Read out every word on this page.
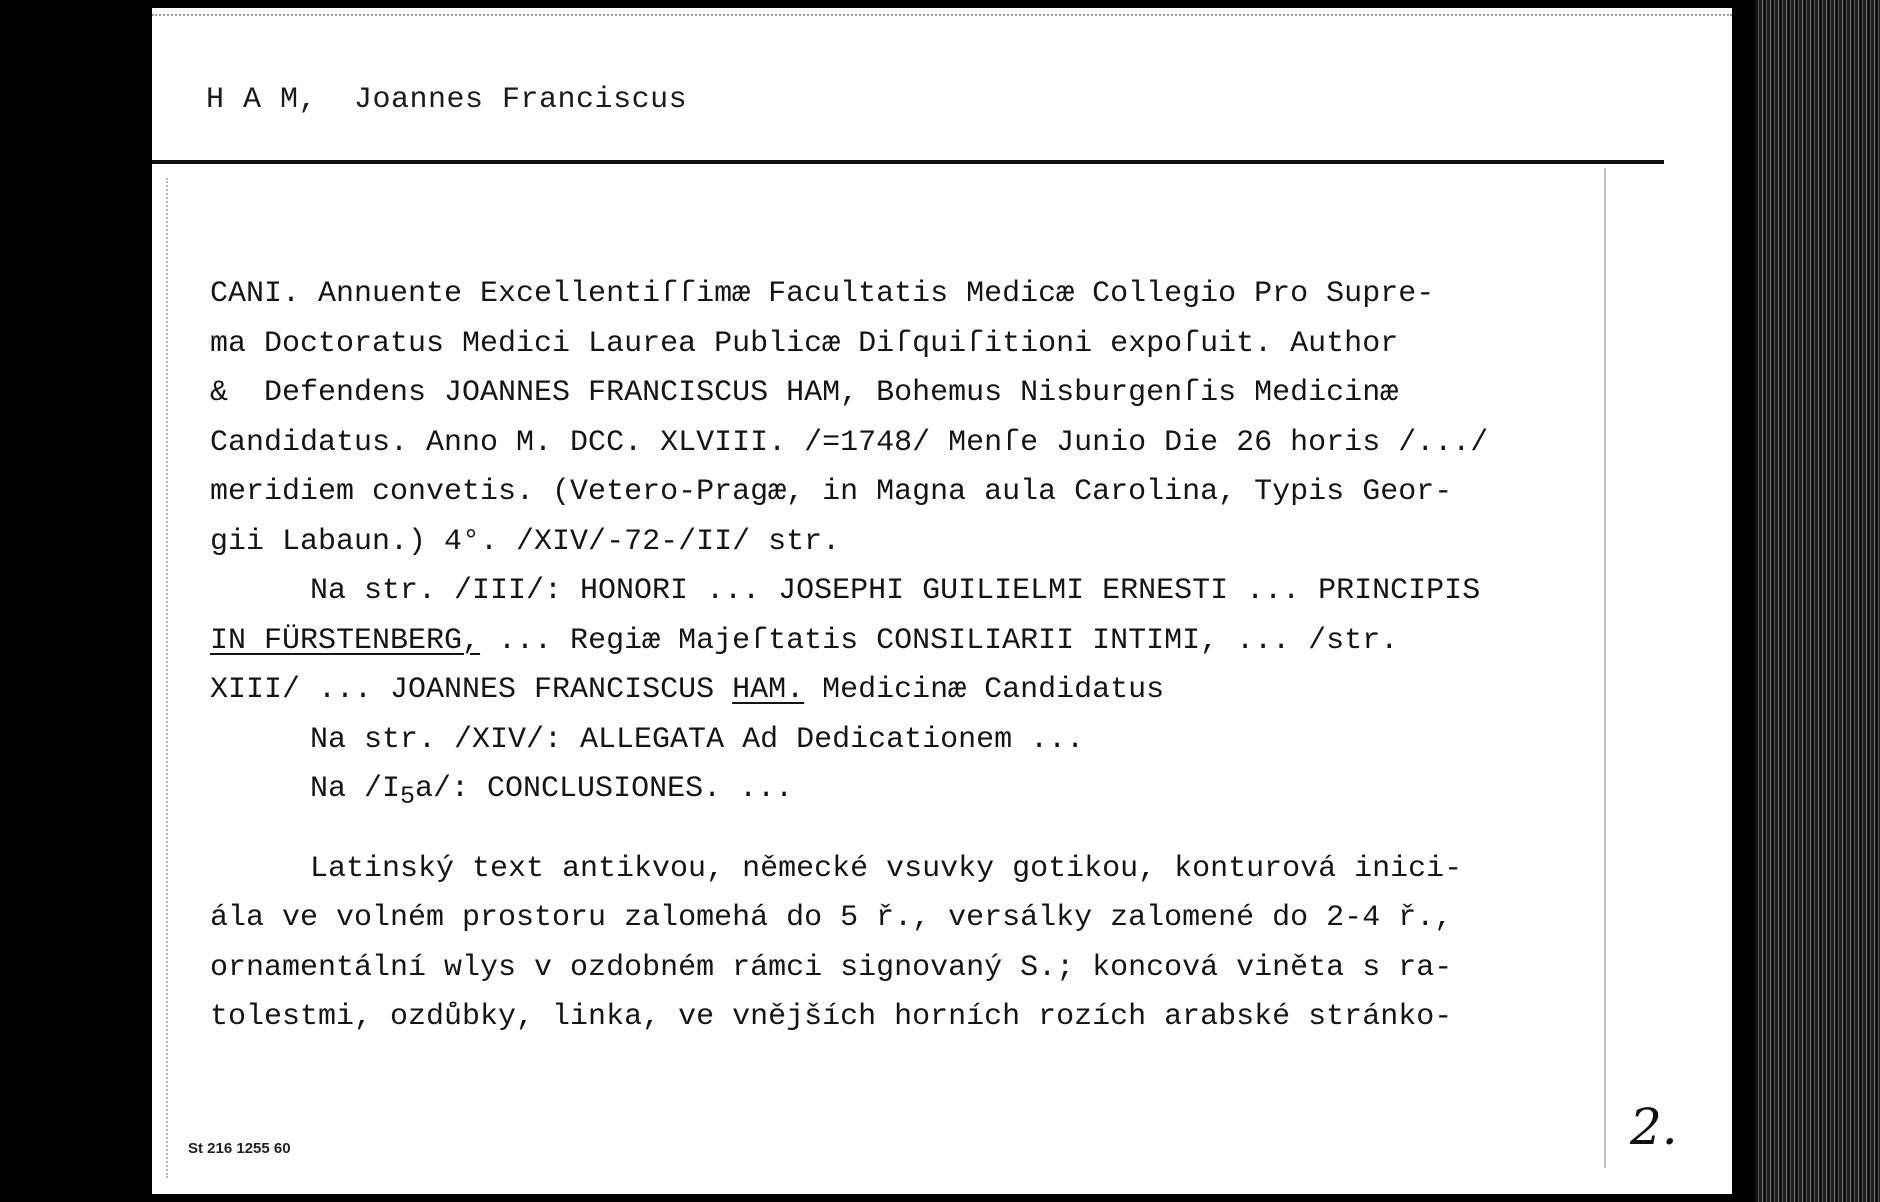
H A M,  Joannes Franciscus
CANI. Annuente Excellentiſſimæ Facultatis Medicæ Collegio Pro Supre-
ma Doctoratus Medici Laurea Publicæ Diſquiſitioni expoſuit. Author
&  Defendens JOANNES FRANCISCUS HAM, Bohemus Nisburgenſis Medicinæ
Candidatus. Anno M. DCC. XLVIII. /=1748/ Menſe Junio Die 26 horis /.../
meridiem convetis. (Vetero-Pragæ, in Magna aula Carolina, Typis Geor-
gii Labaun.) 4°. /XIV/-72-/II/ str.
Na str. /III/: HONORI ... JOSEPHI GUILIELMI ERNESTI ... PRINCIPIS
IN FÜRSTENBERG, ... Regiæ Majeſtatis CONSILIARII INTIMI, ... /str.
XIII/ ... JOANNES FRANCISCUS HAM. Medicinæ Candidatus
Na str. /XIV/: ALLEGATA Ad Dedicationem ...
Na $/I_5a/$: CONCLUSIONES. ...
Latinský text antikvou, německé vsuvky gotikou, konturová inici-
ála ve volném prostoru zalomehá do 5 ř., versálky zalomené do 2-4 ř.,
ornamentální wlys v ozdobném rámci signovaný S.; koncová viněta s ra-
tolestmi, ozdůbky, linka, ve vnějších horních rozích arabské stránko-
St 216 1255 60	2.
